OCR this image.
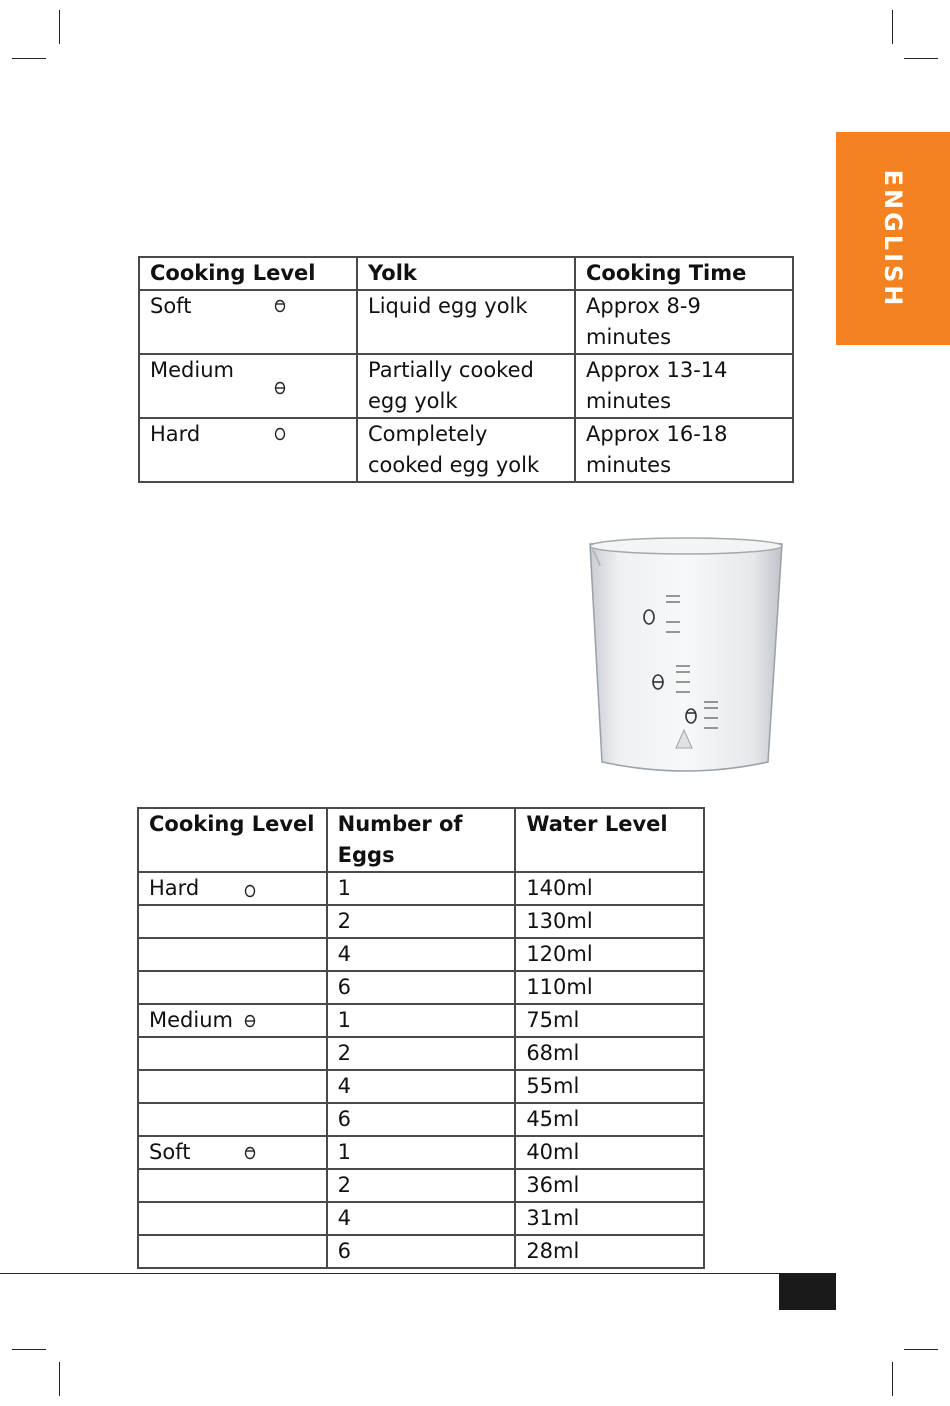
ENGLISH
Cooking Level	Yolk	Cooking Time

Soft	Liquid egg yolk	Approx 8-9 minutes

Medium	Partially cooked egg yolk	Approx 13-14 minutes

Hard	Completely cooked egg yolk	Approx 16-18 minutes
Cooking Level	Number of Eggs	Water Level

Hard	1	140ml
	2	130ml
	4	120ml
	6	110ml

Medium	1	75ml
	2	68ml
	4	55ml
	6	45ml

Soft	1	40ml
	2	36ml
	4	31ml
	6	28ml
